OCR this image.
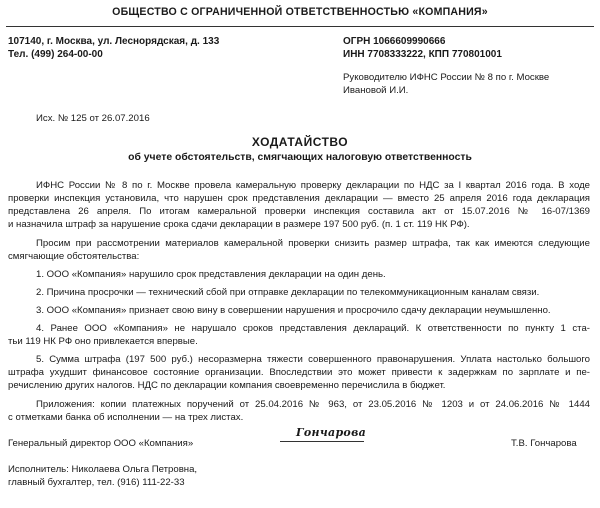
ОБЩЕСТВО С ОГРАНИЧЕННОЙ ОТВЕТСТВЕННОСТЬЮ «КОМПАНИЯ»
107140, г. Москва, ул. Леснорядская, д. 133
Тел. (499) 264-00-00
ОГРН 1066609990666
ИНН 7708333222, КПП 770801001
Руководителю ИФНС России № 8 по г. Москве
Ивановой И.И.
Исх. № 125 от 26.07.2016
ХОДАТАЙСТВО
об учете обстоятельств, смягчающих налоговую ответственность
ИФНС России № 8 по г. Москве провела камеральную проверку декларации по НДС за I квартал 2016 года. В ходе
проверки инспекция установила, что нарушен срок представления декларации — вместо 25 апреля 2016 года декларация
представлена 26 апреля. По итогам камеральной проверки инспекция составила акт от 15.07.2016 № 16-07/1369
и назначила штраф за нарушение срока сдачи декларации в размере 197 500 руб. (п. 1 ст. 119 НК РФ).
Просим при рассмотрении материалов камеральной проверки снизить размер штрафа, так как имеются следующие
смягчающие обстоятельства:
1. ООО «Компания» нарушило срок представления декларации на один день.
2. Причина просрочки — технический сбой при отправке декларации по телекоммуникационным каналам связи.
3. ООО «Компания» признает свою вину в совершении нарушения и просрочило сдачу декларации неумышленно.
4. Ранее ООО «Компания» не нарушало сроков представления деклараций. К ответственности по пункту 1 ста-
тьи 119 НК РФ оно привлекается впервые.
5. Сумма штрафа (197 500 руб.) несоразмерна тяжести совершенного правонарушения. Уплата настолько большого
штрафа ухудшит финансовое состояние организации. Впоследствии это может привести к задержкам по зарплате и пе-
речислению других налогов. НДС по декларации компания своевременно перечислила в бюджет.
Приложения: копии платежных поручений от 25.04.2016 № 963, от 23.05.2016 № 1203 и от 24.06.2016 № 1444
с отметками банка об исполнении — на трех листах.
Генеральный директор ООО «Компания»
Гончарова
Т.В. Гончарова
Исполнитель: Николаева Ольга Петровна,
главный бухгалтер, тел. (916) 111-22-33
